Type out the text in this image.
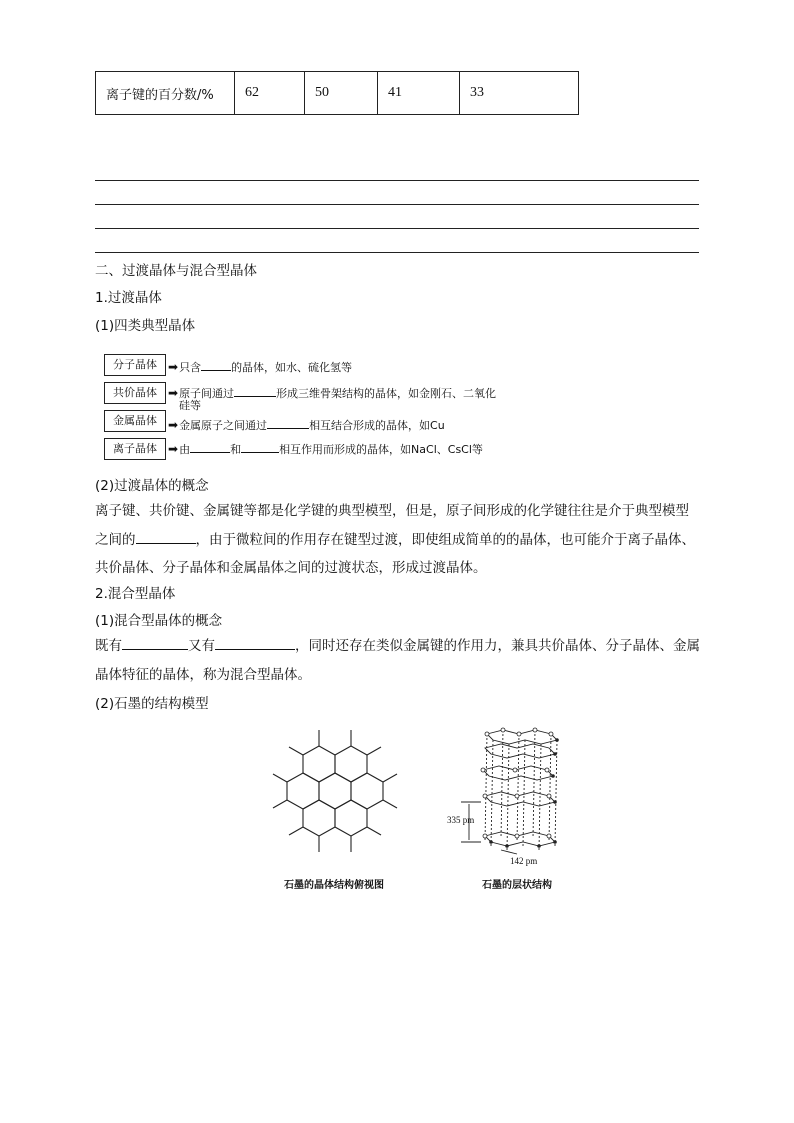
离子键的百分数/%	62	50	41	33
二、过渡晶体与混合型晶体
1.过渡晶体
(1)四类典型晶体
分子晶体 ➡只含	的晶体，如水、硫化氢等
共价晶体 ➡原子间通过	形成三维骨架结构的晶体，如金刚石、二氧化
硅等
金属晶体 ➡金属原子之间通过	相互结合形成的晶体，如Cu
离子晶体 ➡由	和	相互作用而形成的晶体，如NaCl、CsCl等
(2)过渡晶体的概念
离子键、共价键、金属键等都是化学键的典型模型，但是，原子间形成的化学键往往是介于典型模型之间的	，由于微粒间的作用存在键型过渡，即使组成简单的的晶体，也可能介于离子晶体、共价晶体、分子晶体和金属晶体之间的过渡状态，形成过渡晶体。
2.混合型晶体
(1)混合型晶体的概念
既有	又有	，同时还存在类似金属键的作用力，兼具共价晶体、分子晶体、金属晶体特征的晶体，称为混合型晶体。
(2)石墨的结构模型
石墨的晶体结构俯视图
335 pm
142 pm
石墨的层状结构
